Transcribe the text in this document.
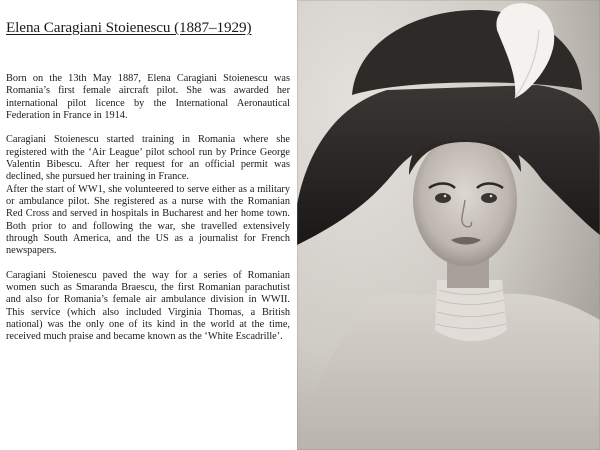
Elena Caragiani Stoienescu (1887–1929)

Born on the 13th May 1887, Elena Caragiani Stoienescu was Romania’s first female aircraft pilot. She was awarded her international pilot licence by the International Aeronautical Federation in France in 1914.

Caragiani Stoienescu started training in Romania where she registered with the ‘Air League’ pilot school run by Prince George Valentin Bibescu. After her request for an official permit was declined, she pursued her training in France.

After the start of WW1, she volunteered to serve either as a military or ambulance pilot. She registered as a nurse with the Romanian Red Cross and served in hospitals in Bucharest and her home town. Both prior to and following the war, she travelled extensively through South America, and the US as a journalist for French newspapers.

Caragiani Stoienescu paved the way for a series of Romanian women such as Smaranda Braescu, the first Romanian parachutist and also for Romania’s female air ambulance division in WWII. This service (which also included Virginia Thomas, a British national) was the only one of its kind in the world at the time, received much praise and became known as the ‘White Escadrille’.
